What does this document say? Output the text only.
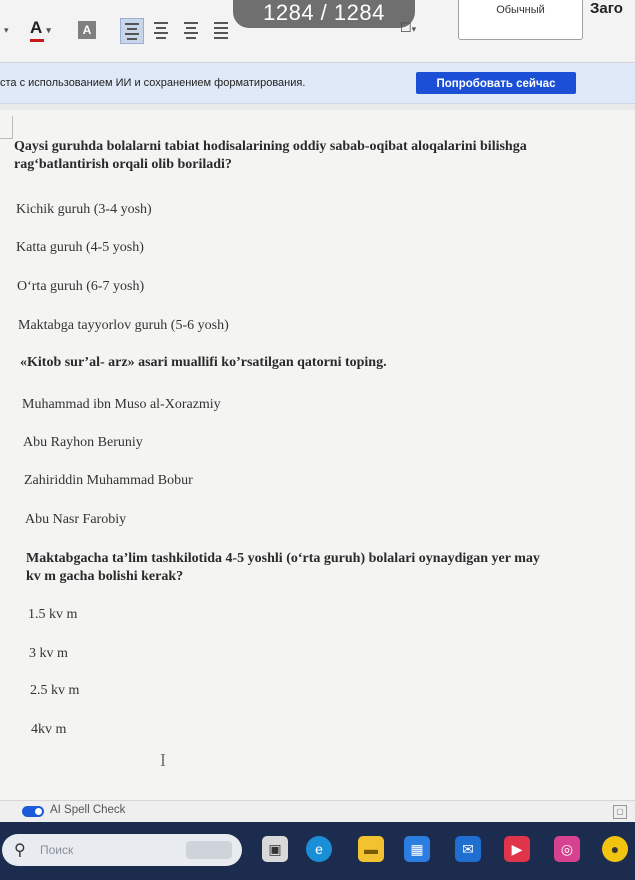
▾ A
▾	A
1284 / 1284
☐▾
Обычный	Заго
ста с использованием ИИ и сохранением форматирования.	Попробовать сейчас
Qaysi guruhda bolalarni tabiat hodisalarining oddiy sabab-oqibat aloqalarini bilishga
rag‘batlantirish orqali olib boriladi?
Kichik guruh (3-4 yosh)
Katta guruh (4-5 yosh)
O‘rta guruh (6-7 yosh)
Maktabga tayyorlov guruh (5-6 yosh)
«Kitob sur’al- arz» asari muallifi ko’rsatilgan qatorni toping.
Muhammad ibn Muso al-Xorazmiy
Abu Rayhon Beruniy
Zahiriddin Muhammad Bobur
Abu Nasr Farobiy
Maktabgacha ta’lim tashkilotida 4-5 yoshli (o‘rta guruh) bolalari oynaydigan yer may
kv m gacha bolishi kerak?
1.5 kv m
3 kv m
2.5 kv m
4kv m
I
AI Spell Check	▢
⚲ Поиск	▣	e	▬	▦	✉	▶	◎	●
